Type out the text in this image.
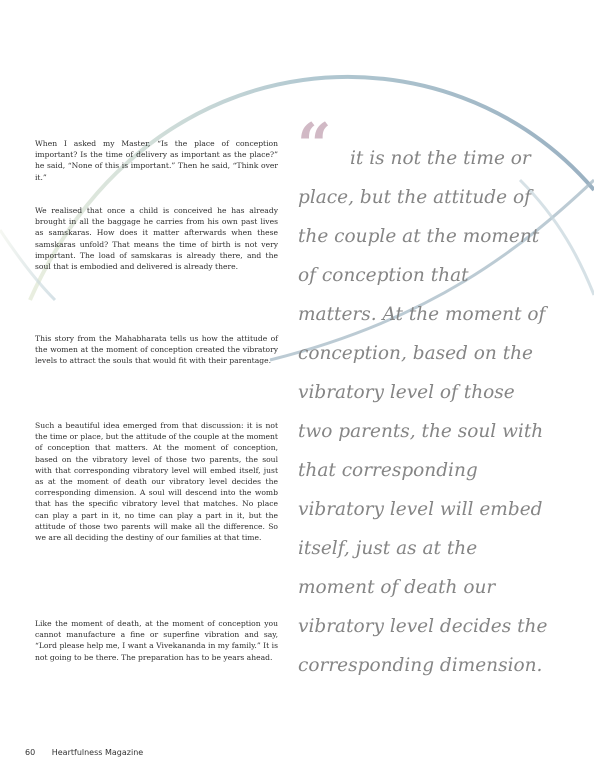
When I asked my Master, “Is the place of conception important? Is the time of delivery as important as the place?” he said, “None of this is important.” Then he said, “Think over it.”

We realised that once a child is conceived he has already brought in all the baggage he carries from his own past lives as samskaras. How does it matter afterwards when these samskaras unfold? That means the time of birth is not very important. The load of samskaras is already there, and the soul that is embodied and delivered is already there.

This story from the Mahabharata tells us how the attitude of the women at the moment of conception created the vibratory levels to attract the souls that would fit with their parentage.

Such a beautiful idea emerged from that discussion: it is not the time or place, but the attitude of the couple at the moment of conception that matters. At the moment of conception, based on the vibratory level of those two parents, the soul with that corresponding vibratory level will embed itself, just as at the moment of death our vibratory level decides the corresponding dimension. A soul will descend into the womb that has the specific vibratory level that matches. No place can play a part in it, no time can play a part in it, but the attitude of those two parents will make all the difference. So we are all deciding the destiny of our families at that time.

Like the moment of death, at the moment of conception you cannot manufacture a fine or superfine vibration and say, “Lord please help me, I want a Vivekananda in my family.” It is not going to be there. The preparation has to be years ahead.

“ it is not the time or place, but the attitude of the couple at the moment of conception that matters. At the moment of conception, based on the vibratory level of those two parents, the soul with that corresponding vibratory level will embed itself, just as at the moment of death our vibratory level decides the corresponding dimension.

60 Heartfulness Magazine
